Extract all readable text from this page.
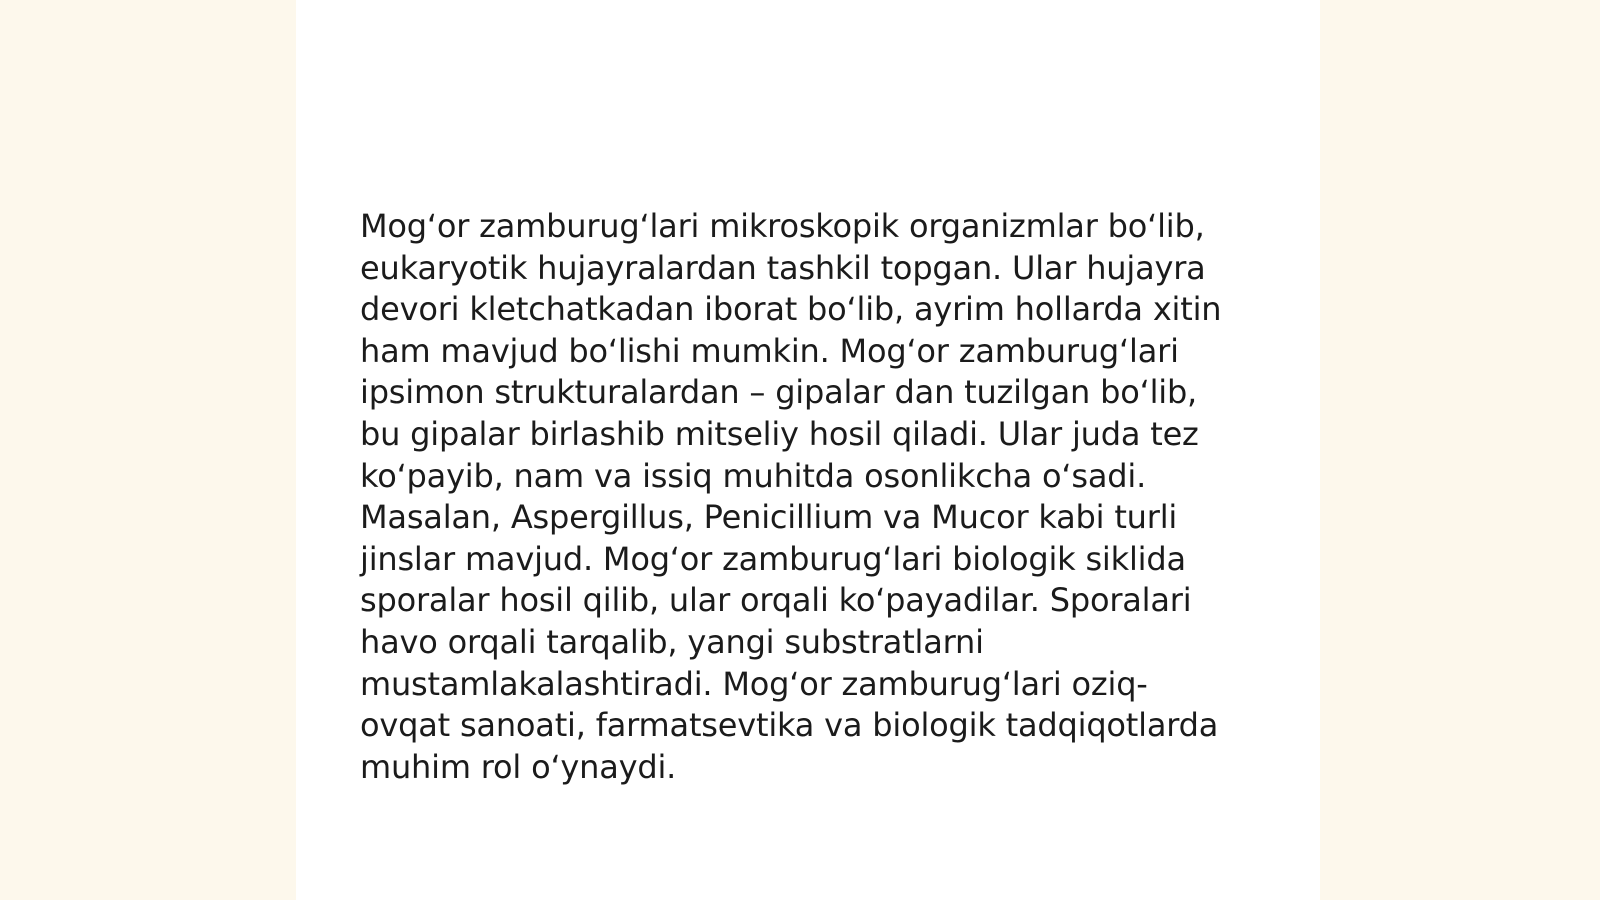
Mog‘or zamburug‘lari mikroskopik organizmlar bo‘lib,
eukaryotik hujayralardan tashkil topgan. Ular hujayra
devori kletchatkadan iborat bo‘lib, ayrim hollarda xitin
ham mavjud bo‘lishi mumkin. Mog‘or zamburug‘lari
ipsimon strukturalardan – gipalar dan tuzilgan bo‘lib,
bu gipalar birlashib mitseliy hosil qiladi. Ular juda tez
ko‘payib, nam va issiq muhitda osonlikcha o‘sadi.
Masalan, Aspergillus, Penicillium va Mucor kabi turli
jinslar mavjud. Mog‘or zamburug‘lari biologik siklida
sporalar hosil qilib, ular orqali ko‘payadilar. Sporalari
havo orqali tarqalib, yangi substratlarni
mustamlakalashtiradi. Mog‘or zamburug‘lari oziq-
ovqat sanoati, farmatsevtika va biologik tadqiqotlarda
muhim rol o‘ynaydi.
